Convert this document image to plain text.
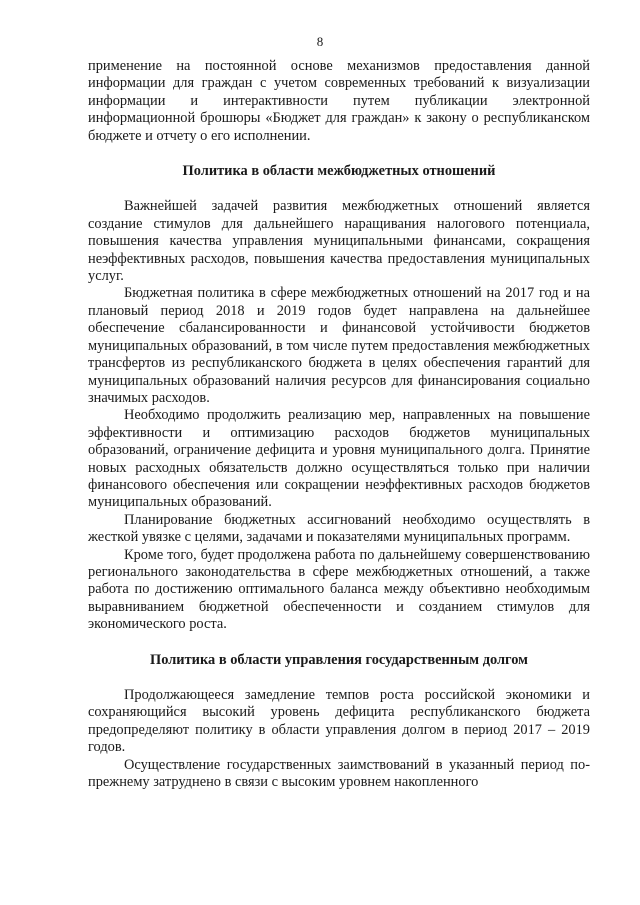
8

применение на постоянной основе механизмов предоставления данной информации для граждан с учетом современных требований к визуализации информации и интерактивности путем публикации электронной информационной брошюры «Бюджет для граждан» к закону о республиканском бюджете и отчету о его исполнении.

Политика в области межбюджетных отношений

Важнейшей задачей развития межбюджетных отношений является создание стимулов для дальнейшего наращивания налогового потенциала, повышения качества управления муниципальными финансами, сокращения неэффективных расходов, повышения качества предоставления муниципальных услуг.

Бюджетная политика в сфере межбюджетных отношений на 2017 год и на плановый период 2018 и 2019 годов будет направлена на дальнейшее обеспечение сбалансированности и финансовой устойчивости бюджетов муниципальных образований, в том числе путем предоставления межбюджетных трансфертов из республиканского бюджета в целях обеспечения гарантий для муниципальных образований наличия ресурсов для финансирования социально значимых расходов.

Необходимо продолжить реализацию мер, направленных на повышение эффективности и оптимизацию расходов бюджетов муниципальных образований, ограничение дефицита и уровня муниципального долга. Принятие новых расходных обязательств должно осуществляться только при наличии финансового обеспечения или сокращении неэффективных расходов бюджетов муниципальных образований.

Планирование бюджетных ассигнований необходимо осуществлять в жесткой увязке с целями, задачами и показателями муниципальных программ.

Кроме того, будет продолжена работа по дальнейшему совершенствованию регионального законодательства в сфере межбюджетных отношений, а также работа по достижению оптимального баланса между объективно необходимым выравниванием бюджетной обеспеченности и созданием стимулов для экономического роста.

Политика в области управления государственным долгом

Продолжающееся замедление темпов роста российской экономики и сохраняющийся высокий уровень дефицита республиканского бюджета предопределяют политику в области управления долгом в период 2017 – 2019 годов.

Осуществление государственных заимствований в указанный период по-прежнему затруднено в связи с высоким уровнем накопленного
